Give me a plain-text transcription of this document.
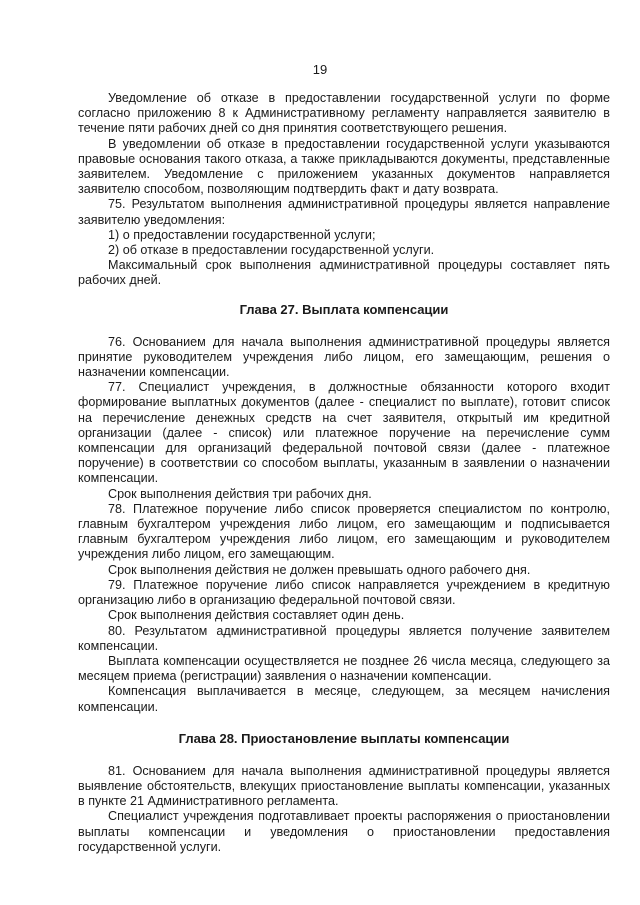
19

Уведомление об отказе в предоставлении государственной услуги по форме согласно приложению 8 к Административному регламенту направляется заявителю в течение пяти рабочих дней со дня принятия соответствующего решения.

В уведомлении об отказе в предоставлении государственной услуги указываются правовые основания такого отказа, а также прикладываются документы, представленные заявителем. Уведомление с приложением указанных документов направляется заявителю способом, позволяющим подтвердить факт и дату возврата.

75. Результатом выполнения административной процедуры является направление заявителю уведомления:

1) о предоставлении государственной услуги;

2) об отказе в предоставлении государственной услуги.

Максимальный срок выполнения административной процедуры составляет пять рабочих дней.

Глава 27. Выплата компенсации

76. Основанием для начала выполнения административной процедуры является принятие руководителем учреждения либо лицом, его замещающим, решения о назначении компенсации.

77. Специалист учреждения, в должностные обязанности которого входит формирование выплатных документов (далее - специалист по выплате), готовит список на перечисление денежных средств на счет заявителя, открытый им кредитной организации (далее - список) или платежное поручение на перечисление сумм компенсации для организаций федеральной почтовой связи (далее - платежное поручение) в соответствии со способом выплаты, указанным в заявлении о назначении компенсации.

Срок выполнения действия три рабочих дня.

78. Платежное поручение либо список проверяется специалистом по контролю, главным бухгалтером учреждения либо лицом, его замещающим и подписывается главным бухгалтером учреждения либо лицом, его замещающим и руководителем учреждения либо лицом, его замещающим.

Срок выполнения действия не должен превышать одного рабочего дня.

79. Платежное поручение либо список направляется учреждением в кредитную организацию либо в организацию федеральной почтовой связи.

Срок выполнения действия составляет один день.

80. Результатом административной процедуры является получение заявителем компенсации.

Выплата компенсации осуществляется не позднее 26 числа месяца, следующего за месяцем приема (регистрации) заявления о назначении компенсации.

Компенсация выплачивается в месяце, следующем, за месяцем начисления компенсации.

Глава 28. Приостановление выплаты компенсации

81. Основанием для начала выполнения административной процедуры является выявление обстоятельств, влекущих приостановление выплаты компенсации, указанных в пункте 21 Административного регламента.

Специалист учреждения подготавливает проекты распоряжения о приостановлении выплаты компенсации и уведомления о приостановлении предоставления государственной услуги.
